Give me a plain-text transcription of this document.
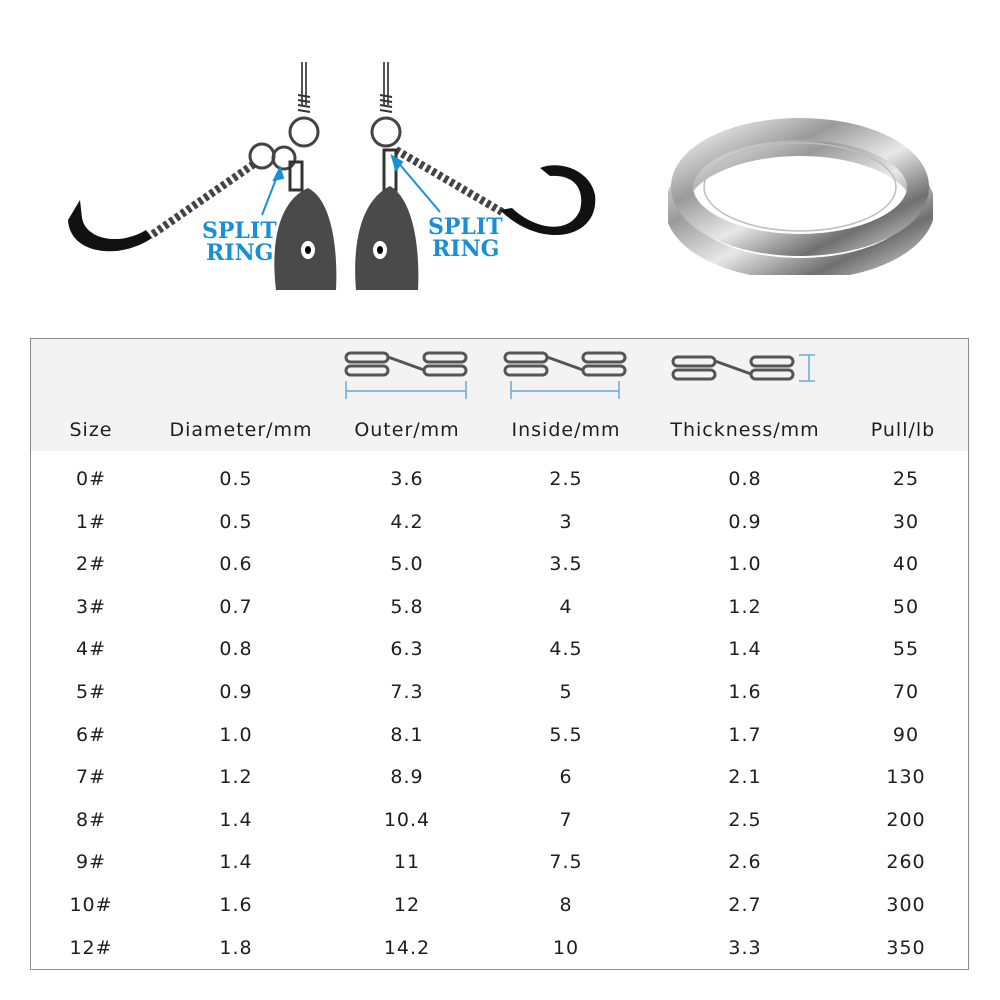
SPLIT
RING
SPLIT
RING
Size	Diameter/mm Outer/mm	Inside/mm	Thickness/mm	Pull/lb
0#	0.5	3.6	2.5	0.8	25
1#	0.5	4.2	3	0.9	30
2#	0.6	5.0	3.5	1.0	40
3#	0.7	5.8	4	1.2	50
4#	0.8	6.3	4.5	1.4	55
5#	0.9	7.3	5	1.6	70
6#	1.0	8.1	5.5	1.7	90
7#	1.2	8.9	6	2.1	130
8#	1.4	10.4	7	2.5	200
9#	1.4	11	7.5	2.6	260
10#	1.6	12	8	2.7	300
12#	1.8	14.2	10	3.3	350
